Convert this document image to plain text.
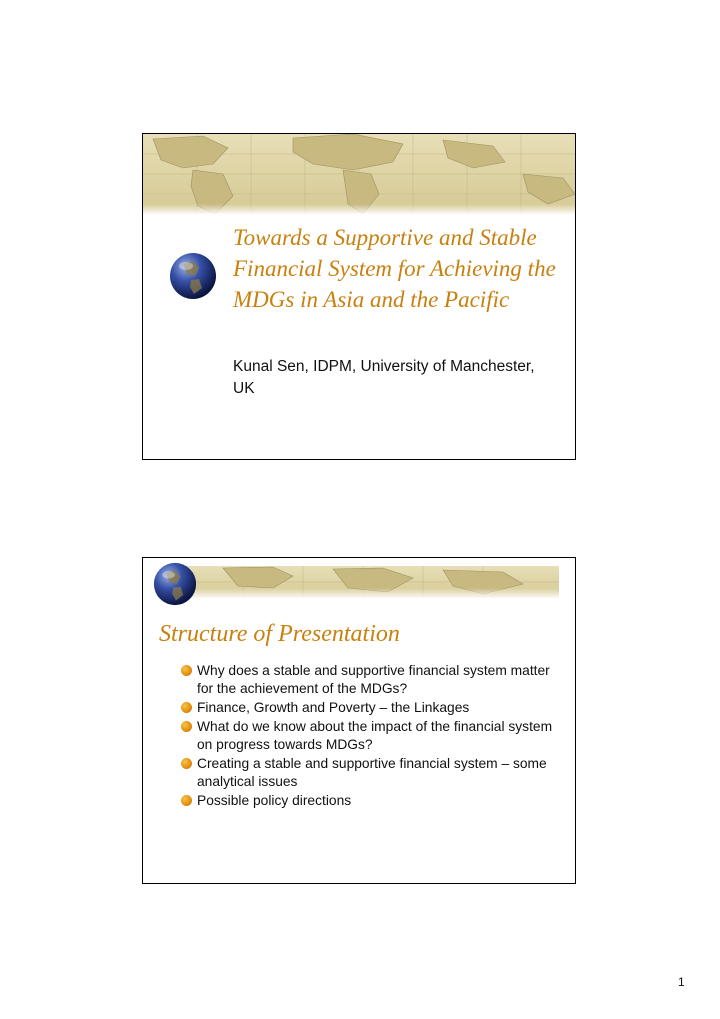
Towards a Supportive and Stable Financial System for Achieving the MDGs in Asia and the Pacific

Kunal Sen, IDPM, University of Manchester, UK

Structure of Presentation
Why does a stable and supportive financial system matter for the achievement of the MDGs?
Finance, Growth and Poverty – the Linkages
What do we know about the impact of the financial system on progress towards MDGs?
Creating a stable and supportive financial system – some analytical issues
Possible policy directions
1
